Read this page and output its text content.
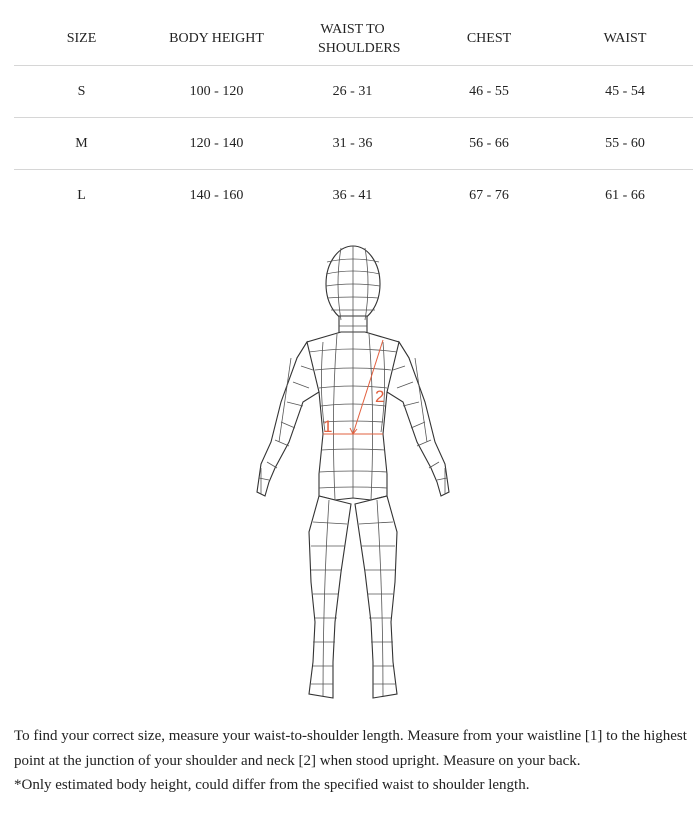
SIZE	BODY HEIGHT	WAIST TO SHOULDERS	CHEST	WAIST
S	100 - 120	26 - 31	46 - 55	45 - 54
M	120 - 140	31 - 36	56 - 66	55 - 60
L	140 - 160	36 - 41	67 - 76	61 - 66
1
2

To find your correct size, measure your waist-to-shoulder length. Measure from your waistline [1] to the highest point at the junction of your shoulder and neck [2] when stood upright. Measure on your back.

*Only estimated body height, could differ from the specified waist to shoulder length.
